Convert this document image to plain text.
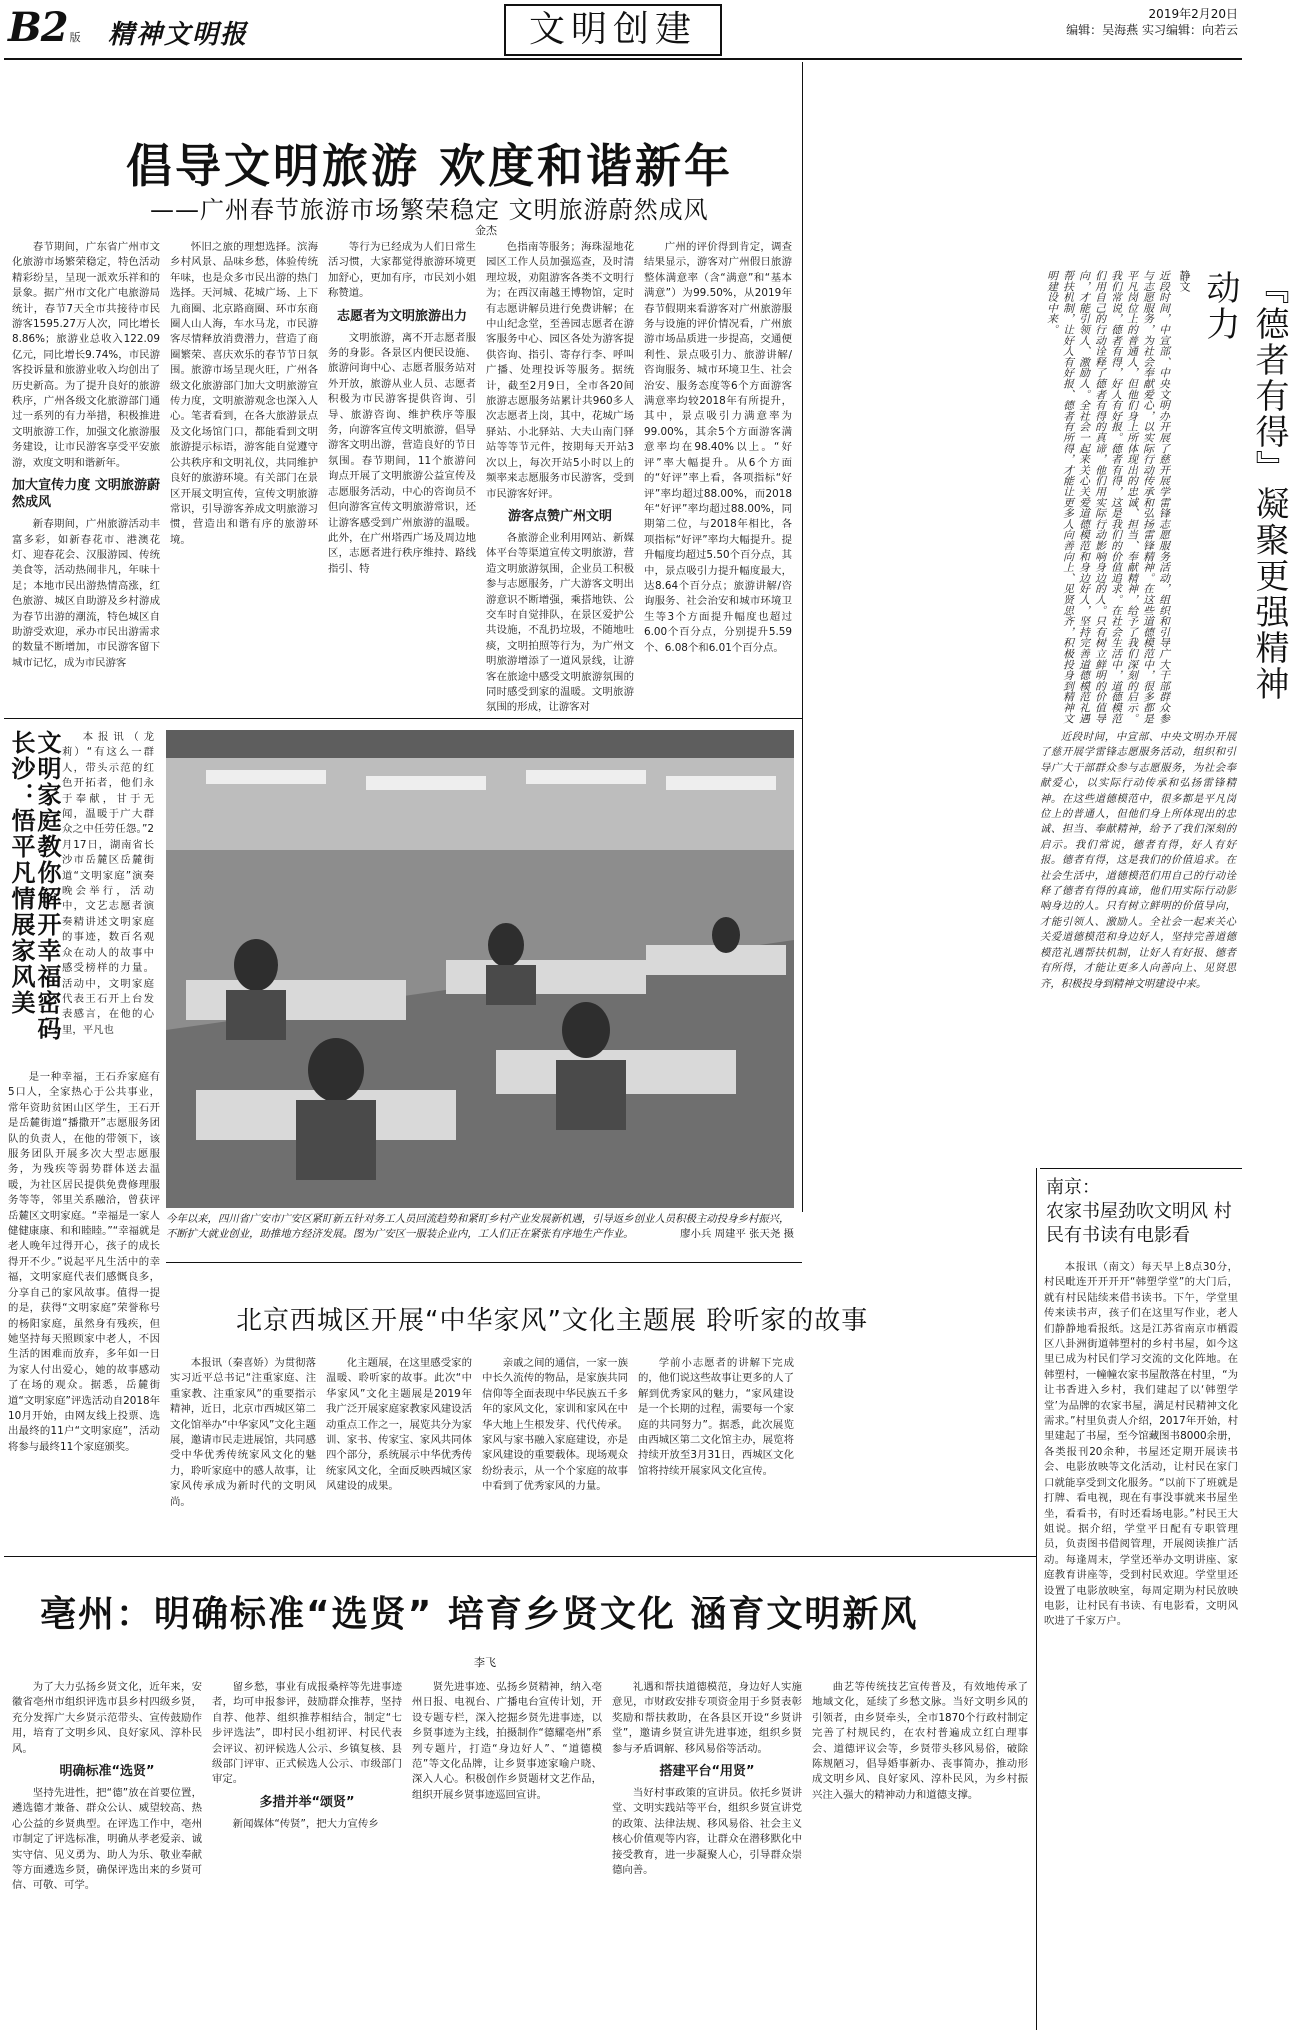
B2 版 精神文明报	文明创建	2019年2月20日
编辑：吴海燕 实习编辑：向若云
倡导文明旅游 欢度和谐新年
——广州春节旅游市场繁荣稳定 文明旅游蔚然成风
金杰

春节期间，广东省广州市文化旅游市场繁荣稳定，特色活动精彩纷呈，呈现一派欢乐祥和的景象。据广州市文化广电旅游局统计，春节7天全市共接待市民游客1595.27万人次，同比增长8.86%；旅游业总收入122.09亿元，同比增长9.74%，市民游客投诉量和旅游业收入均创出了历史新高。为了提升良好的旅游秩序，广州各级文化旅游部门通过一系列的有力举措，积极推进文明旅游工作，加强文化旅游服务建设，让市民游客享受平安旅游，欢度文明和谐新年。

加大宣传力度 文明旅游蔚然成风

新春期间，广州旅游活动丰富多彩，如新春花市、港澳花灯、迎春花会、汉服游园、传统美食等，活动热闹非凡，年味十足；本地市民出游热情高涨，红色旅游、城区自助游及乡村游成为春节出游的潮流，特色城区自助游受欢迎，承办市民出游需求的数量不断增加，市民游客留下城市记忆，成为市民游客

怀旧之旅的理想选择。滨海乡村风景、品味乡愁，体验传统年味，也是众多市民出游的热门选择。天河城、花城广场、上下九商圈、北京路商圈、环市东商圈人山人海，车水马龙，市民游客尽情释放消费潜力，营造了商圈繁荣、喜庆欢乐的春节节日氛围。旅游市场呈现火旺，广州各级文化旅游部门加大文明旅游宣传力度，文明旅游观念也深入人心。笔者看到，在各大旅游景点及文化场馆门口，都能看到文明旅游提示标语，游客能自觉遵守公共秩序和文明礼仪，共同维护良好的旅游环境。有关部门在景区开展文明宣传，宣传文明旅游常识，引导游客养成文明旅游习惯，营造出和谐有序的旅游环境。

等行为已经成为人们日常生活习惯，大家都觉得旅游环境更加舒心，更加有序，市民刘小姐称赞道。

志愿者为文明旅游出力

文明旅游，离不开志愿者服务的身影。各景区内便民设施、旅游问询中心、志愿者服务站对外开放，旅游从业人员、志愿者积极为市民游客提供咨询、引导、旅游咨询、维护秩序等服务，向游客宣传文明旅游，倡导游客文明出游，营造良好的节日氛围。春节期间，11个旅游问询点开展了文明旅游公益宣传及志愿服务活动，中心的咨询员不但向游客宣传文明旅游常识，还让游客感受到广州旅游的温暖。此外，在广州塔西广场及周边地区，志愿者进行秩序维持、路线指引、特

色指南等服务；海珠湿地花园区工作人员加强巡查，及时清理垃圾，劝阻游客各类不文明行为；在西汉南越王博物馆，定时有志愿讲解员进行免费讲解；在中山纪念堂，至善园志愿者在游客服务中心、园区各处为游客提供咨询、指引、寄存行李、呼叫广播、处理投诉等服务。据统计，截至2月9日，全市各20间旅游志愿服务站累计共960多人次志愿者上岗，其中，花城广场驿站、小北驿站、大夫山南门驿站等等节元件，按期每天开站3次以上，每次开站5小时以上的频率来志愿服务市民游客，受到市民游客好评。

游客点赞广州文明

各旅游企业利用网站、新媒体平台等渠道宣传文明旅游，营造文明旅游氛围，企业员工积极参与志愿服务，广大游客文明出游意识不断增强，乘搭地铁、公交车时自觉排队，在景区爱护公共设施，不乱扔垃圾，不随地吐痰，文明拍照等行为，为广州文明旅游增添了一道风景线，让游客在旅途中感受文明旅游氛围的同时感受到家的温暖。文明旅游氛围的形成，让游客对

广州的评价得到肯定，调查结果显示，游客对广州假日旅游整体满意率（含“满意”和“基本满意”）为99.50%，从2019年春节假期来看游客对广州旅游服务与设施的评价情况看，广州旅游市场品质进一步提高，交通便利性、景点吸引力、旅游讲解/咨询服务、城市环境卫生、社会治安、服务态度等6个方面游客满意率均较2018年有所提升，其中，景点吸引力满意率为99.00%，其余5个方面游客满意率均在98.40%以上。“好评”率大幅提升。从6个方面的“好评”率上看，各项指标“好评”率均超过88.00%，而2018年“好评”率均超过88.00%，同期第二位，与2018年相比，各项指标“好评”率均大幅提升。提升幅度均超过5.50个百分点，其中，景点吸引力提升幅度最大，达8.64个百分点；旅游讲解/咨询服务、社会治安和城市环境卫生等3个方面提升幅度也超过6.00个百分点，分别提升5.59个、6.08个和6.01个百分点。	『德者有得』凝聚更强精神动力
静文
近段时间，中宣部、中央文明办开展了慈开展学雷锋志愿服务活动，组织和引导广大干部群众参与志愿服务，为社会奉献爱心，以实际行动传承和弘扬雷锋精神。在这些道德模范中，很多都是平凡岗位上的普通人，但他们身上所体现出的忠诚、担当、奉献精神，给予了我们深刻的启示。我们常说，德者有得，好人有好报。德者有得，这是我们的价值追求。在社会生活中，道德模范们用自己的行动诠释了德者有得的真谛，他们用实际行动影响身边的人。只有树立鲜明的价值导向，才能引领人、激励人。全社会一起来关心关爱道德模范和身边好人，坚持完善道德模范礼遇帮扶机制，让好人有好报、德者有所得，才能让更多人向善向上、见贤思齐，积极投身到精神文明建设中来。

近段时间，中宣部、中央文明办开展了慈开展学雷锋志愿服务活动，组织和引导广大干部群众参与志愿服务，为社会奉献爱心，以实际行动传承和弘扬雷锋精神。在这些道德模范中，很多都是平凡岗位上的普通人，但他们身上所体现出的忠诚、担当、奉献精神，给予了我们深刻的启示。我们常说，德者有得，好人有好报。德者有得，这是我们的价值追求。在社会生活中，道德模范们用自己的行动诠释了德者有得的真谛，他们用实际行动影响身边的人。只有树立鲜明的价值导向，才能引领人、激励人。全社会一起来关心关爱道德模范和身边好人，坚持完善道德模范礼遇帮扶机制，让好人有好报、德者有所得，才能让更多人向善向上、见贤思齐，积极投身到精神文明建设中来。

文明家庭教你解开幸福密码
长沙：悟平凡情展家风美	本报讯（龙莉）“有这么一群人，带头示范的红色开拓者，他们永于奉献，甘于无闻，温暖于广大群众之中任劳任怨。”2月17日，湖南省长沙市岳麓区岳麓街道“文明家庭”演奏晚会举行，活动中，文艺志愿者演奏精讲述文明家庭的事迹，数百名观众在动人的故事中感受榜样的力量。活动中，文明家庭代表王石开上台发表感言，在他的心里，平凡也

是一种幸福，王石乔家庭有5口人，全家热心于公共事业，常年资助贫困山区学生，王石开是岳麓街道“播撒开”志愿服务团队的负责人，在他的带领下，该服务团队开展多次大型志愿服务，为残疾等弱势群体送去温暖，为社区居民提供免费修理服务等等，邻里关系融洽，曾获评岳麓区文明家庭。“幸福是一家人健健康康、和和睦睦。”“幸福就是老人晚年过得开心，孩子的成长得开不少。”说起平凡生活中的幸福，文明家庭代表们感慨良多，分享自己的家风故事。值得一提的是，获得“文明家庭”荣誉称号的杨阳家庭，虽然身有残疾，但她坚持每天照顾家中老人，不因生活的困难而放弃，多年如一日为家人付出爱心，她的故事感动了在场的观众。据悉，岳麓街道“文明家庭”评选活动自2018年10月开始，由网友线上投票、选出最终的11户“文明家庭”，活动将参与最终11个家庭颁奖。

今年以来，四川省广安市广安区紧盯新五针对务工人员回流趋势和紧盯乡村产业发展新机遇，引导返乡创业人员积极主动投身乡村振兴，不断扩大就业创业，助推地方经济发展。图为广安区一服装企业内，工人们正在紧张有序地生产作业。	廖小兵 周建平 张天尧 摄
北京西城区开展“中华家风”文化主题展 聆听家的故事

本报讯（秦喜娇）为贯彻落实习近平总书记“注重家庭、注重家教、注重家风”的重要指示精神，近日，北京市西城区第二文化馆举办“中华家风”文化主题展，邀请市民走进展馆，共同感受中华优秀传统家风文化的魅力，聆听家庭中的感人故事，让家风传承成为新时代的文明风尚。

化主题展，在这里感受家的温暖、聆听家的故事。此次“中华家风”文化主题展是2019年我广泛开展家庭家教家风建设活动重点工作之一，展览共分为家训、家书、传家宝、家风共同体四个部分，系统展示中华优秀传统家风文化，全面反映西城区家风建设的成果。

亲戚之间的通信，一家一族中长久流传的物品，是家族共同信仰等全面表现中华民族五千多年的家风文化，家训和家风在中华大地上生根发芽、代代传承。家风与家书融入家庭建设，亦是家风建设的重要载体。现场观众纷纷表示，从一个个家庭的故事中看到了优秀家风的力量。

学前小志愿者的讲解下完成的，他们说这些故事让更多的人了解到优秀家风的魅力，“家风建设是一个长期的过程，需要每一个家庭的共同努力”。据悉，此次展览由西城区第二文化馆主办，展览将持续开放至3月31日，西城区文化馆将持续开展家风文化宣传。

南京：
农家书屋劲吹文明风 村民有书读有电影看

本报讯（南文）每天早上8点30分，村民毗连开开开开“韩塑学堂”的大门后，就有村民陆续来借书读书。下午，学堂里传来读书声，孩子们在这里写作业，老人们静静地看报纸。这是江苏省南京市栖霞区八卦洲街道韩塑村的乡村书屋，如今这里已成为村民们学习交流的文化阵地。在韩塑村，一幢幢农家书屋散落在村里，“为让书香进入乡村，我们建起了以‘韩塑学堂’为品牌的农家书屋，满足村民精神文化需求。”村里负责人介绍，2017年开始，村里建起了书屋，至今馆藏图书8000余册，各类报刊20余种，书屋还定期开展读书会、电影放映等文化活动，让村民在家门口就能享受到文化服务。“以前下了班就是打牌、看电视，现在有事没事就来书屋坐坐，看看书，有时还看场电影。”村民王大姐说。据介绍，学堂平日配有专职管理员，负责图书借阅管理，开展阅读推广活动。每逢周末，学堂还举办文明讲座、家庭教育讲座等，受到村民欢迎。学堂里还设置了电影放映室，每周定期为村民放映电影，让村民有书读、有电影看，文明风吹进了千家万户。

亳州：明确标准“选贤” 培育乡贤文化 涵育文明新风
李飞

为了大力弘扬乡贤文化，近年来，安徽省亳州市组织评选市县乡村四级乡贤，充分发挥广大乡贤示范带头、宣传鼓励作用，培育了文明乡风、良好家风、淳朴民风。

明确标准“选贤”

坚持先进性，把“德”放在首要位置，遴选德才兼备、群众公认、威望较高、热心公益的乡贤典型。在评选工作中，亳州市制定了评选标准，明确从孝老爱亲、诚实守信、见义勇为、助人为乐、敬业奉献等方面遴选乡贤，确保评选出来的乡贤可信、可敬、可学。

留乡愁，事业有成报桑梓等先进事迹者，均可申报参评，鼓励群众推荐，坚持自荐、他荐、组织推荐相结合，制定“七步评选法”，即村民小组初评、村民代表会评议、初评候选人公示、乡镇复核、县级部门评审、正式候选人公示、市级部门审定。

多措并举“颂贤”

新闻媒体“传贤”，把大力宣传乡

贤先进事迹、弘扬乡贤精神，纳入亳州日报、电视台、广播电台宣传计划，开设专题专栏，深入挖掘乡贤先进事迹，以乡贤事迹为主线，拍摄制作“德耀亳州”系列专题片，打造“身边好人”、“道德模范”等文化品牌，让乡贤事迹家喻户晓、深入人心。积极创作乡贤题材文艺作品，组织开展乡贤事迹巡回宣讲。

礼遇和帮扶道德模范，身边好人实施意见，市财政安排专项资金用于乡贤表彰奖励和帮扶救助，在各县区开设“乡贤讲堂”，邀请乡贤宣讲先进事迹，组织乡贤参与矛盾调解、移风易俗等活动。

搭建平台“用贤”

当好村事政策的宣讲员。依托乡贤讲堂、文明实践站等平台，组织乡贤宣讲党的政策、法律法规、移风易俗、社会主义核心价值观等内容，让群众在潜移默化中接受教育，进一步凝聚人心，引导群众崇德向善。

曲艺等传统技艺宣传普及，有效地传承了地域文化，延续了乡愁文脉。当好文明乡风的引领者，由乡贤牵头，全市1870个行政村制定完善了村规民约，在农村普遍成立红白理事会、道德评议会等，乡贤带头移风易俗，破除陈规陋习，倡导婚事新办、丧事简办，推动形成文明乡风、良好家风、淳朴民风，为乡村振兴注入强大的精神动力和道德支撑。
